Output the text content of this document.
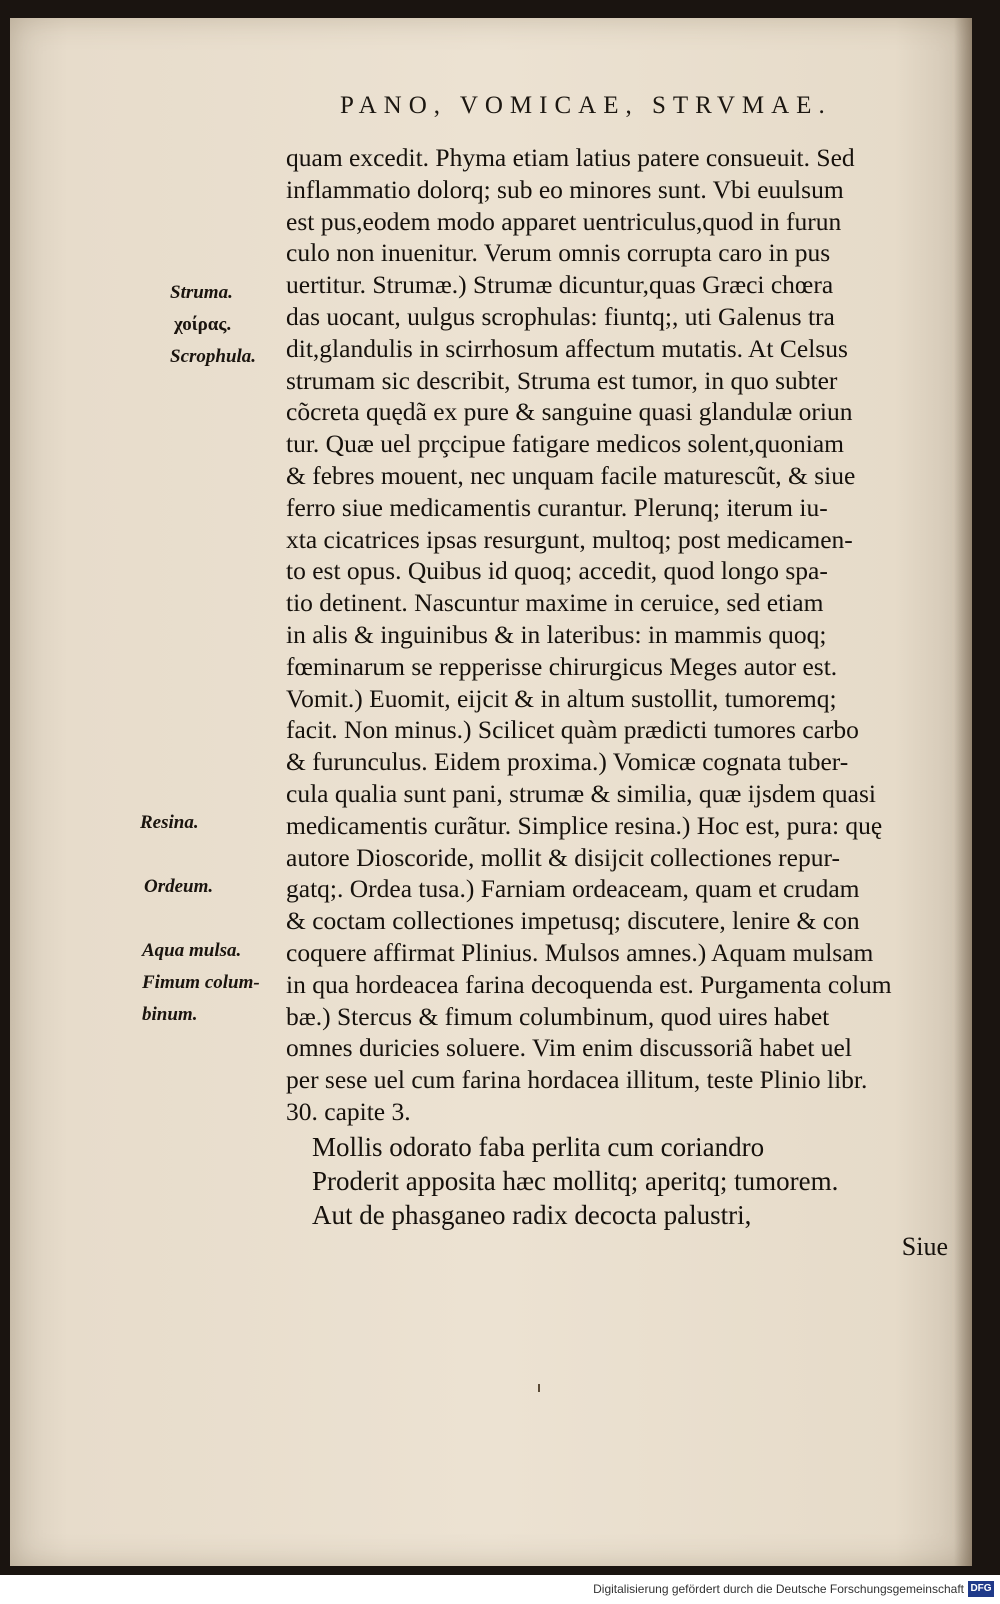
PANO, VOMICAE, STRVMAE.
quam excedit. Phyma etiam latius patere consueuit. Sed
inflammatio dolorq; sub eo minores sunt. Vbi euulsum
est pus,eodem modo apparet uentriculus,quod in furun
culo non inuenitur. Verum omnis corrupta caro in pus
uertitur. Strumæ.) Strumæ dicuntur,quas Græci chœra
das uocant, uulgus scrophulas: fiuntq;, uti Galenus tra
dit,glandulis in scirrhosum affectum mutatis. At Celsus
strumam sic describit, Struma est tumor, in quo subter
cõcreta quędã ex pure & sanguine quasi glandulæ oriun
tur. Quæ uel prçcipue fatigare medicos solent,quoniam
& febres mouent, nec unquam facile maturescũt, & siue
ferro siue medicamentis curantur. Plerunq; iterum iu-
xta cicatrices ipsas resurgunt, multoq; post medicamen-
to est opus. Quibus id quoq; accedit, quod longo spa-
tio detinent. Nascuntur maxime in ceruice, sed etiam
in alis & inguinibus & in lateribus: in mammis quoq;
fœminarum se repperisse chirurgicus Meges autor est.
Vomit.) Euomit, eijcit & in altum sustollit, tumoremq;
facit. Non minus.) Scilicet quàm prædicti tumores carbo
& furunculus. Eidem proxima.) Vomicæ cognata tuber-
cula qualia sunt pani, strumæ & similia, quæ ijsdem quasi
medicamentis curãtur. Simplice resina.) Hoc est, pura: quę
autore Dioscoride, mollit & disijcit collectiones repur-
gatq;. Ordea tusa.) Farniam ordeaceam, quam et crudam
& coctam collectiones impetusq; discutere, lenire & con
coquere affirmat Plinius. Mulsos amnes.) Aquam mulsam
in qua hordeacea farina decoquenda est. Purgamenta colum
bæ.) Stercus & fimum columbinum, quod uires habet
omnes duricies soluere. Vim enim discussoriã habet uel
per sese uel cum farina hordacea illitum, teste Plinio libr.
30. capite 3.
Struma.
χοίρας.
Scrophula.
Resina.
Ordeum.
Aqua mulsa.
Fimum colum-
binum.
Mollis odorato faba perlita cum coriandro
Proderit apposita hæc mollitq; aperitq; tumorem.
Aut de phasganeo radix decocta palustri,
Siue
Digitalisierung gefördert durch die Deutsche Forschungsgemeinschaft DFG
